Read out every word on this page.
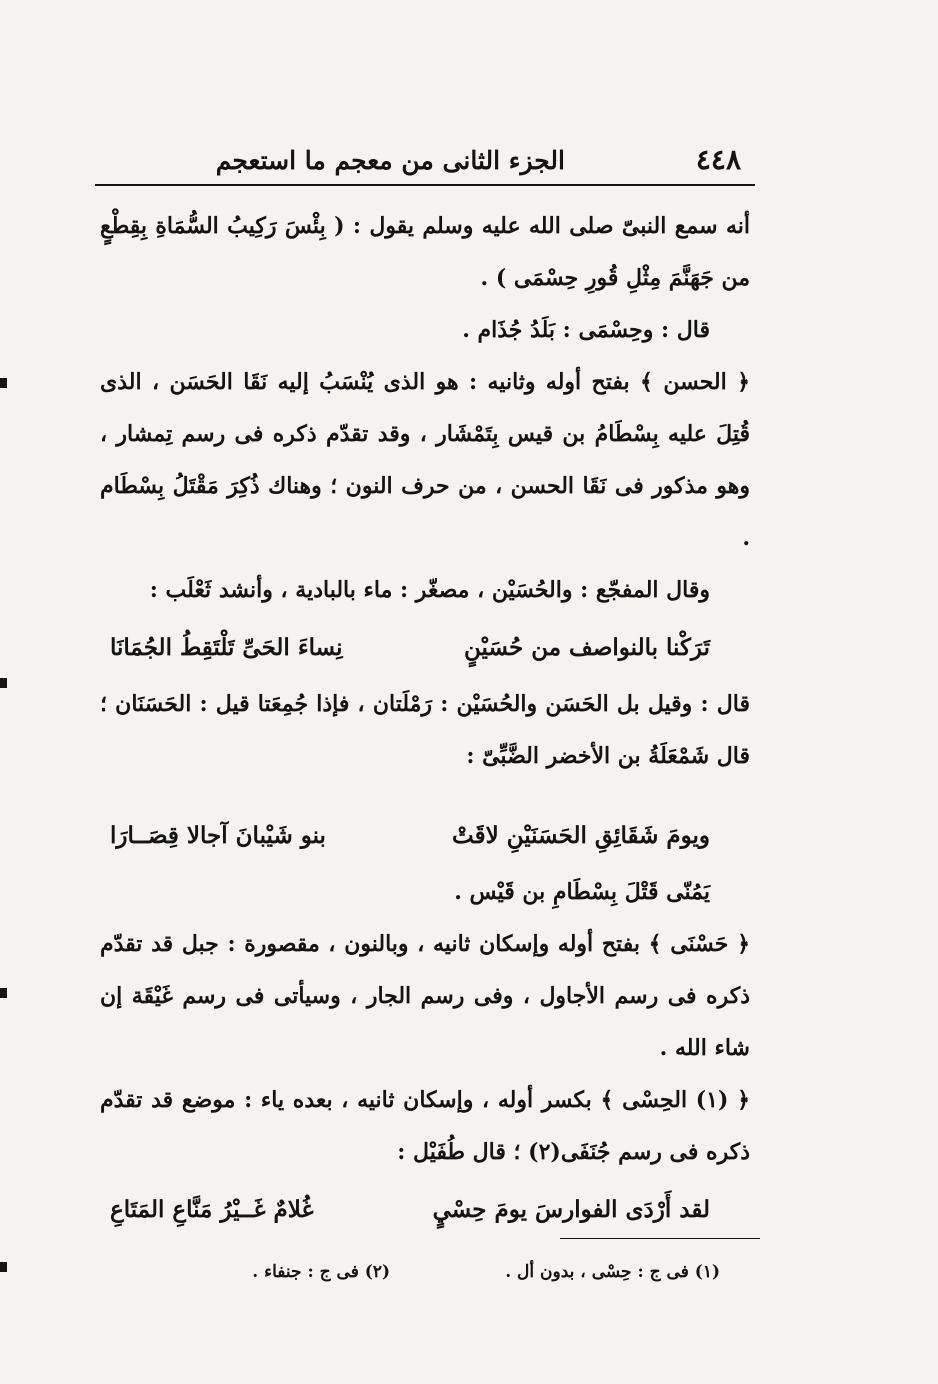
٤٤٨
الجزء الثانى من معجم ما استعجم

أنه سمع النبىّ صلى الله عليه وسلم يقول : ( بِئْسَ رَكِيبُ السُّمَاةِ بِقِطْعٍ من جَهَنَّمَ مِثْلِ قُورِ حِسْمَى ) .

قال : وحِسْمَى : بَلَدُ جُذَام .

﴿ الحسن ﴾ بفتح أوله وثانيه : هو الذى يُنْسَبُ إليه نَقَا الحَسَن ، الذى قُتِلَ عليه بِسْطَامُ بن قيس بِتَمْشَار ، وقد تقدّم ذكره فى رسم تِمشار ، وهو مذكور فى نَقَا الحسن ، من حرف النون ؛ وهناك ذُكِرَ مَقْتَلُ بِسْطَام .

وقال المفجّع : والحُسَيْن ، مصغّر : ماء بالبادية ، وأنشد ثَعْلَب :

تَرَكْنا بالنواصف من حُسَيْنٍ
نِساءَ الحَىِّ تَلْتَقِطُ الجُمَانَا

قال : وقيل بل الحَسَن والحُسَيْن : رَمْلَتان ، فإذا جُمِعَتا قيل : الحَسَنَان ؛ قال شَمْعَلَةُ بن الأخضر الضَّبِّىّ :

ويومَ شَقَائِقِ الحَسَنَيْنِ لاقَتْ
بنو شَيْبانَ آجالا قِصَــارَا

يَمُنّى قَتْلَ بِسْطَامِ بن قَيْس .

﴿ حَسْنَى ﴾ بفتح أوله وإسكان ثانيه ، وبالنون ، مقصورة : جبل قد تقدّم ذكره فى رسم الأجاول ، وفى رسم الجار ، وسيأتى فى رسم غَيْقَة إن شاء الله .

﴿ (١) الحِسْى ﴾ بكسر أوله ، وإسكان ثانيه ، بعده ياء : موضع قد تقدّم ذكره فى رسم جُنَفَى(٢) ؛ قال طُفَيْل :

لقد أَرْدَى الفوارسَ يومَ حِسْيٍ
غُلامٌ غَــيْرُ مَنَّاعِ المَتَاعِ
(١) فى ج : حِسْى ، بدون أل .
(٢) فى ج : جنفاء .
